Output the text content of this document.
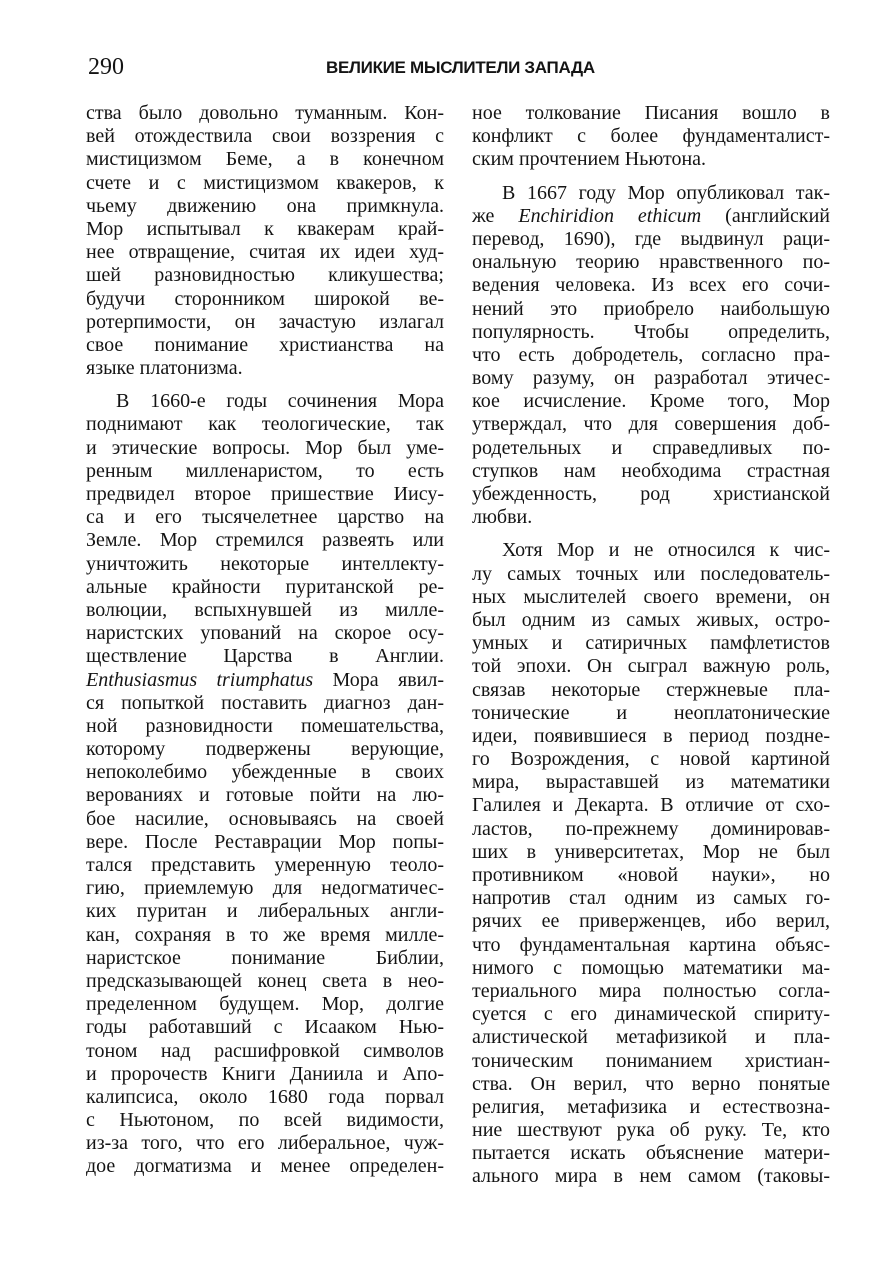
290	ВЕЛИКИЕ МЫСЛИТЕЛИ ЗАПАДА
ства было довольно туманным. Кон-
вей отождествила свои воззрения с
мистицизмом Беме, а в конечном
счете и с мистицизмом квакеров, к
чьему движению она примкнула.
Мор испытывал к квакерам край-
нее отвращение, считая их идеи худ-
шей разновидностью кликушества;
будучи сторонником широкой ве-
ротерпимости, он зачастую излагал
свое понимание христианства на
языке платонизма.
В 1660-е годы сочинения Мора
поднимают как теологические, так
и этические вопросы. Мор был уме-
ренным милленаристом, то есть
предвидел второе пришествие Иису-
са и его тысячелетнее царство на
Земле. Мор стремился развеять или
уничтожить некоторые интеллекту-
альные крайности пуританской ре-
волюции, вспыхнувшей из милле-
наристских упований на скорое осу-
ществление Царства в Англии.
Enthusiasmus triumphatus Мора явил-
ся попыткой поставить диагноз дан-
ной разновидности помешательства,
которому подвержены верующие,
непоколебимо убежденные в своих
верованиях и готовые пойти на лю-
бое насилие, основываясь на своей
вере. После Реставрации Мор попы-
тался представить умеренную теоло-
гию, приемлемую для недогматичес-
ких пуритан и либеральных англи-
кан, сохраняя в то же время милле-
наристское понимание Библии,
предсказывающей конец света в нео-
пределенном будущем. Мор, долгие
годы работавший с Исааком Нью-
тоном над расшифровкой символов
и пророчеств Книги Даниила и Апо-
калипсиса, около 1680 года порвал
с Ньютоном, по всей видимости,
из-за того, что его либеральное, чуж-
дое догматизма и менее определен-
ное толкование Писания вошло в
конфликт с более фундаменталист-
ским прочтением Ньютона.
В 1667 году Мор опубликовал так-
же Enchiridion ethicum (английский
перевод, 1690), где выдвинул раци-
ональную теорию нравственного по-
ведения человека. Из всех его сочи-
нений это приобрело наибольшую
популярность. Чтобы определить,
что есть добродетель, согласно пра-
вому разуму, он разработал этичес-
кое исчисление. Кроме того, Мор
утверждал, что для совершения доб-
родетельных и справедливых по-
ступков нам необходима страстная
убежденность, род христианской
любви.
Хотя Мор и не относился к чис-
лу самых точных или последователь-
ных мыслителей своего времени, он
был одним из самых живых, остро-
умных и сатиричных памфлетистов
той эпохи. Он сыграл важную роль,
связав некоторые стержневые пла-
тонические и неоплатонические
идеи, появившиеся в период поздне-
го Возрождения, с новой картиной
мира, выраставшей из математики
Галилея и Декарта. В отличие от схо-
ластов, по-прежнему доминировав-
ших в университетах, Мор не был
противником «новой науки», но
напротив стал одним из самых го-
рячих ее приверженцев, ибо верил,
что фундаментальная картина объяс-
нимого с помощью математики ма-
териального мира полностью согла-
суется с его динамической спириту-
алистической метафизикой и пла-
тоническим пониманием христиан-
ства. Он верил, что верно понятые
религия, метафизика и естествозна-
ние шествуют рука об руку. Те, кто
пытается искать объяснение матери-
ального мира в нем самом (таковы-
